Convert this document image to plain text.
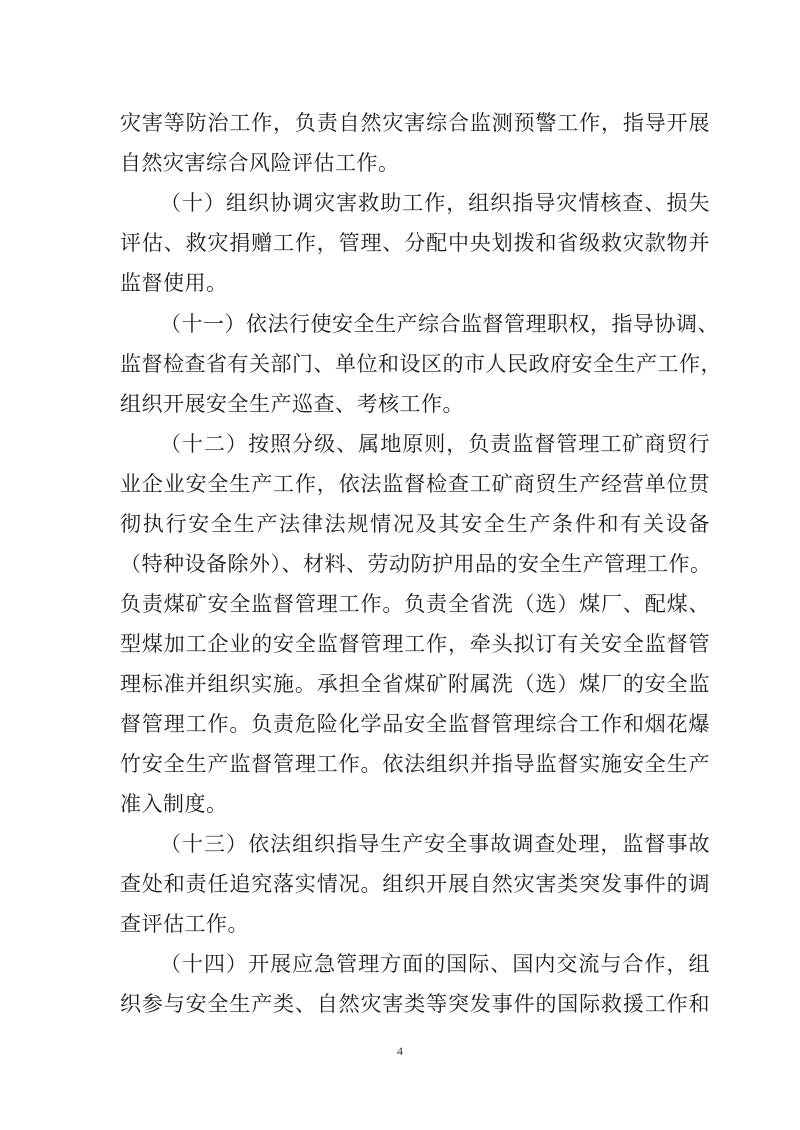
灾害等防治工作，负责自然灾害综合监测预警工作，指导开展
自然灾害综合风险评估工作。
（十）组织协调灾害救助工作，组织指导灾情核查、损失
评估、救灾捐赠工作，管理、分配中央划拨和省级救灾款物并
监督使用。
（十一）依法行使安全生产综合监督管理职权，指导协调、
监督检查省有关部门、单位和设区的市人民政府安全生产工作，
组织开展安全生产巡查、考核工作。
（十二）按照分级、属地原则，负责监督管理工矿商贸行
业企业安全生产工作，依法监督检查工矿商贸生产经营单位贯
彻执行安全生产法律法规情况及其安全生产条件和有关设备
（特种设备除外）、材料、劳动防护用品的安全生产管理工作。
负责煤矿安全监督管理工作。负责全省洗（选）煤厂、配煤、
型煤加工企业的安全监督管理工作，牵头拟订有关安全监督管
理标准并组织实施。承担全省煤矿附属洗（选）煤厂的安全监
督管理工作。负责危险化学品安全监督管理综合工作和烟花爆
竹安全生产监督管理工作。依法组织并指导监督实施安全生产
准入制度。
（十三）依法组织指导生产安全事故调查处理，监督事故
查处和责任追究落实情况。组织开展自然灾害类突发事件的调
查评估工作。
（十四）开展应急管理方面的国际、国内交流与合作，组
织参与安全生产类、自然灾害类等突发事件的国际救援工作和
4
